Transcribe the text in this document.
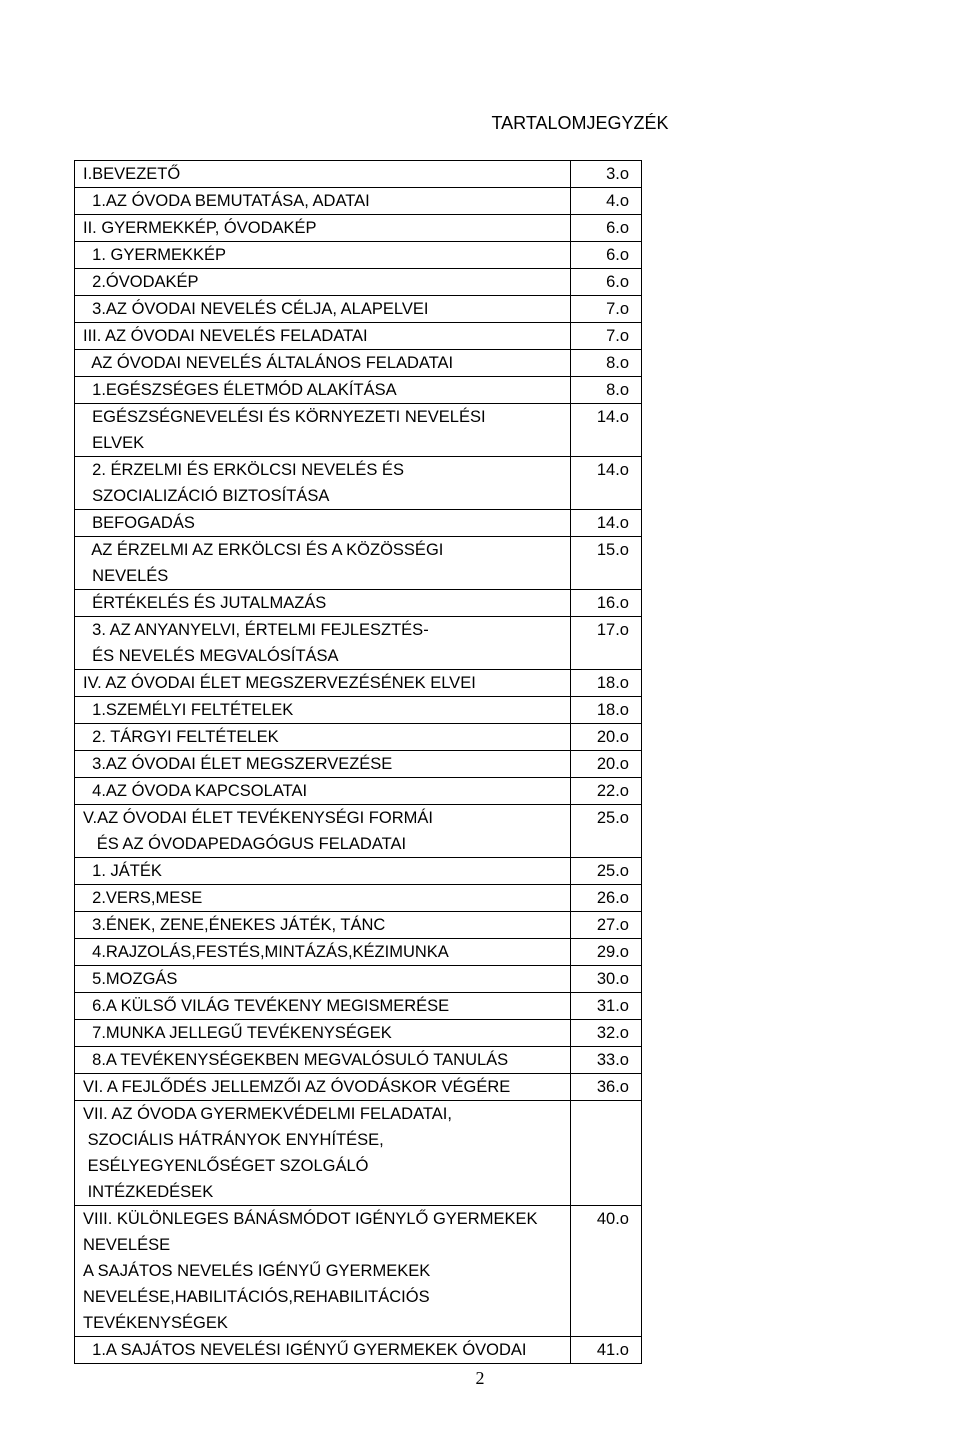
TARTALOMJEGYZÉK
I.BEVEZETŐ	3.o

1.AZ ÓVODA BEMUTATÁSA, ADATAI	4.o

II. GYERMEKKÉP, ÓVODAKÉP	6.o

1. GYERMEKKÉP	6.o

2.ÓVODAKÉP	6.o

3.AZ ÓVODAI NEVELÉS CÉLJA, ALAPELVEI	7.o

III. AZ ÓVODAI NEVELÉS FELADATAI	7.o

AZ ÓVODAI NEVELÉS ÁLTALÁNOS FELADATAI	8.o

1.EGÉSZSÉGES ÉLETMÓD ALAKÍTÁSA	8.o

EGÉSZSÉGNEVELÉSI ÉS KÖRNYEZETI NEVELÉSI
ELVEK	14.o

2. ÉRZELMI ÉS ERKÖLCSI NEVELÉS ÉS
SZOCIALIZÁCIÓ BIZTOSÍTÁSA	14.o

BEFOGADÁS	14.o

AZ ÉRZELMI AZ ERKÖLCSI ÉS A KÖZÖSSÉGI
NEVELÉS	15.o

ÉRTÉKELÉS ÉS JUTALMAZÁS	16.o

3. AZ ANYANYELVI, ÉRTELMI FEJLESZTÉS-
ÉS NEVELÉS MEGVALÓSÍTÁSA	17.o

IV. AZ ÓVODAI ÉLET MEGSZERVEZÉSÉNEK ELVEI	18.o

1.SZEMÉLYI FELTÉTELEK	18.o

2. TÁRGYI FELTÉTELEK	20.o

3.AZ ÓVODAI ÉLET MEGSZERVEZÉSE	20.o

4.AZ ÓVODA KAPCSOLATAI	22.o

V.AZ ÓVODAI ÉLET TEVÉKENYSÉGI FORMÁI
ÉS AZ ÓVODAPEDAGÓGUS FELADATAI	25.o

1. JÁTÉK	25.o

2.VERS,MESE	26.o

3.ÉNEK, ZENE,ÉNEKES JÁTÉK, TÁNC	27.o

4.RAJZOLÁS,FESTÉS,MINTÁZÁS,KÉZIMUNKA	29.o

5.MOZGÁS	30.o

6.A KÜLSŐ VILÁG TEVÉKENY MEGISMERÉSE	31.o

7.MUNKA JELLEGŰ TEVÉKENYSÉGEK	32.o

8.A TEVÉKENYSÉGEKBEN MEGVALÓSULÓ TANULÁS	33.o

VI. A FEJLŐDÉS JELLEMZŐI AZ ÓVODÁSKOR VÉGÉRE	36.o

VII. AZ ÓVODA GYERMEKVÉDELMI FELADATAI,
SZOCIÁLIS HÁTRÁNYOK ENYHÍTÉSE,
ESÉLYEGYENLŐSÉGET SZOLGÁLÓ
INTÉZKEDÉSEK	

VIII. KÜLÖNLEGES BÁNÁSMÓDOT IGÉNYLŐ GYERMEKEK
NEVELÉSE
A SAJÁTOS NEVELÉS IGÉNYŰ GYERMEKEK
NEVELÉSE,HABILITÁCIÓS,REHABILITÁCIÓS
TEVÉKENYSÉGEK	40.o

1.A SAJÁTOS NEVELÉSI IGÉNYŰ GYERMEKEK ÓVODAI	41.o
2
